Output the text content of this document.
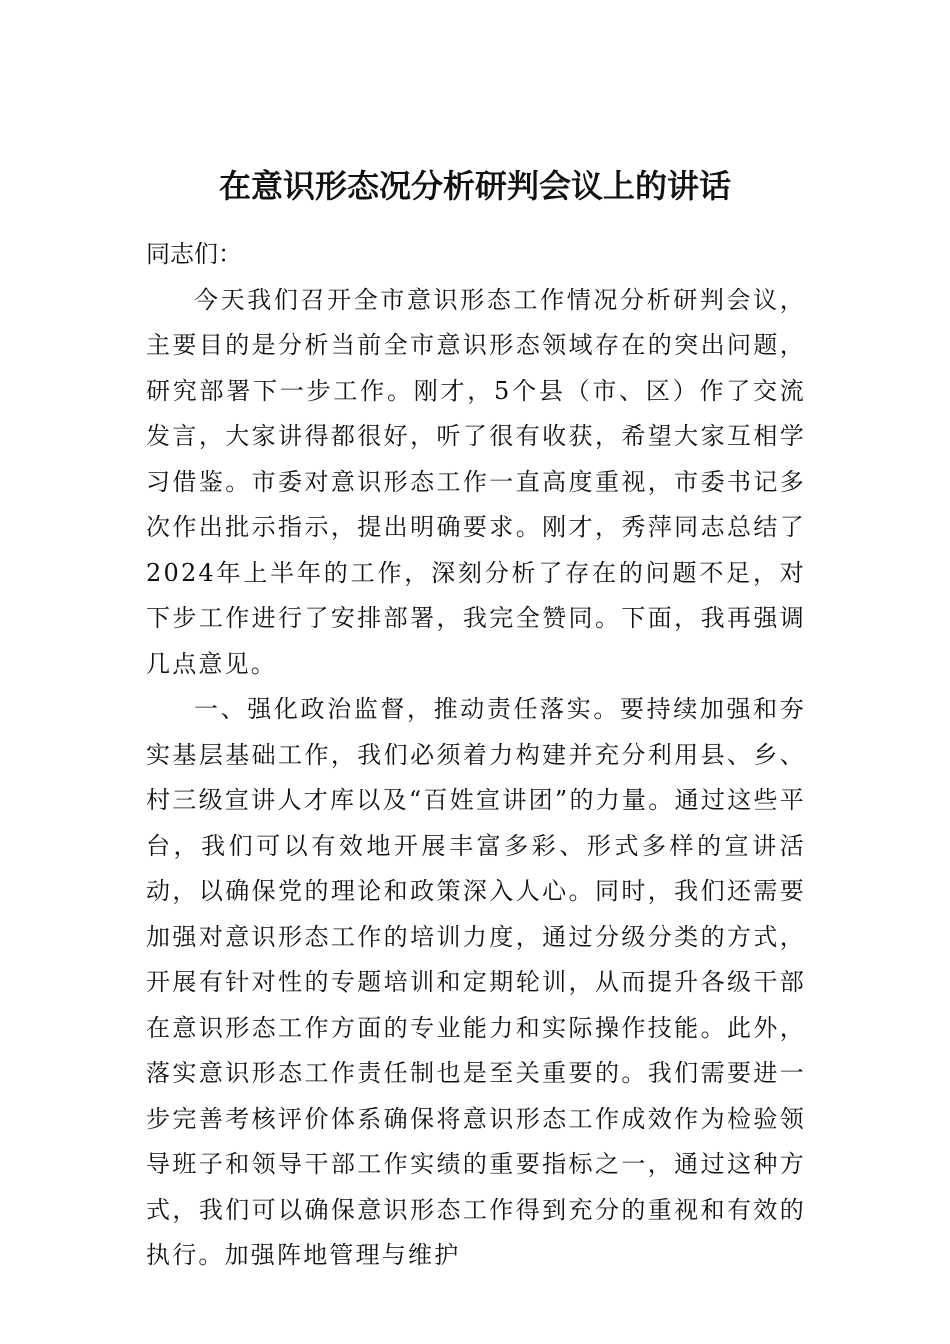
在意识形态况分析研判会议上的讲话

同志们：

今天我们召开全市意识形态工作情况分析研判会议，主要目的是分析当前全市意识形态领域存在的突出问题，研究部署下一步工作。刚才，5个县（市、区）作了交流发言，大家讲得都很好，听了很有收获，希望大家互相学习借鉴。市委对意识形态工作一直高度重视，市委书记多次作出批示指示，提出明确要求。刚才，秀萍同志总结了2024年上半年的工作，深刻分析了存在的问题不足，对下步工作进行了安排部署，我完全赞同。下面，我再强调几点意见。

一、强化政治监督，推动责任落实。要持续加强和夯实基层基础工作，我们必须着力构建并充分利用县、乡、村三级宣讲人才库以及“百姓宣讲团”的力量。通过这些平台，我们可以有效地开展丰富多彩、形式多样的宣讲活动，以确保党的理论和政策深入人心。同时，我们还需要加强对意识形态工作的培训力度，通过分级分类的方式，开展有针对性的专题培训和定期轮训，从而提升各级干部在意识形态工作方面的专业能力和实际操作技能。此外，落实意识形态工作责任制也是至关重要的。我们需要进一步完善考核评价体系确保将意识形态工作成效作为检验领导班子和领导干部工作实绩的重要指标之一，通过这种方式，我们可以确保意识形态工作得到充分的重视和有效的执行。加强阵地管理与维护
